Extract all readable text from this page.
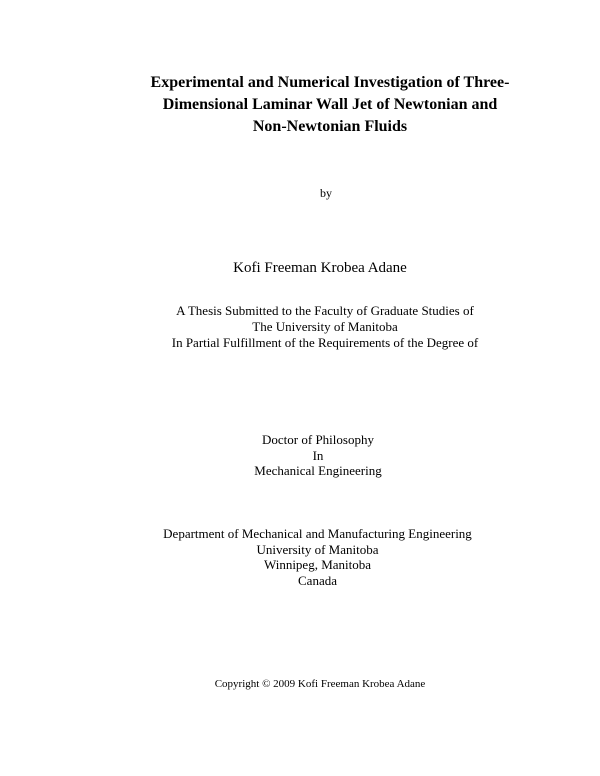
Experimental and Numerical Investigation of Three-
Dimensional Laminar Wall Jet of Newtonian and
Non-Newtonian Fluids
by
Kofi Freeman Krobea Adane
A Thesis Submitted to the Faculty of Graduate Studies of
The University of Manitoba
In Partial Fulfillment of the Requirements of the Degree of
Doctor of Philosophy
In
Mechanical Engineering
Department of Mechanical and Manufacturing Engineering
University of Manitoba
Winnipeg, Manitoba
Canada
Copyright © 2009 Kofi Freeman Krobea Adane
